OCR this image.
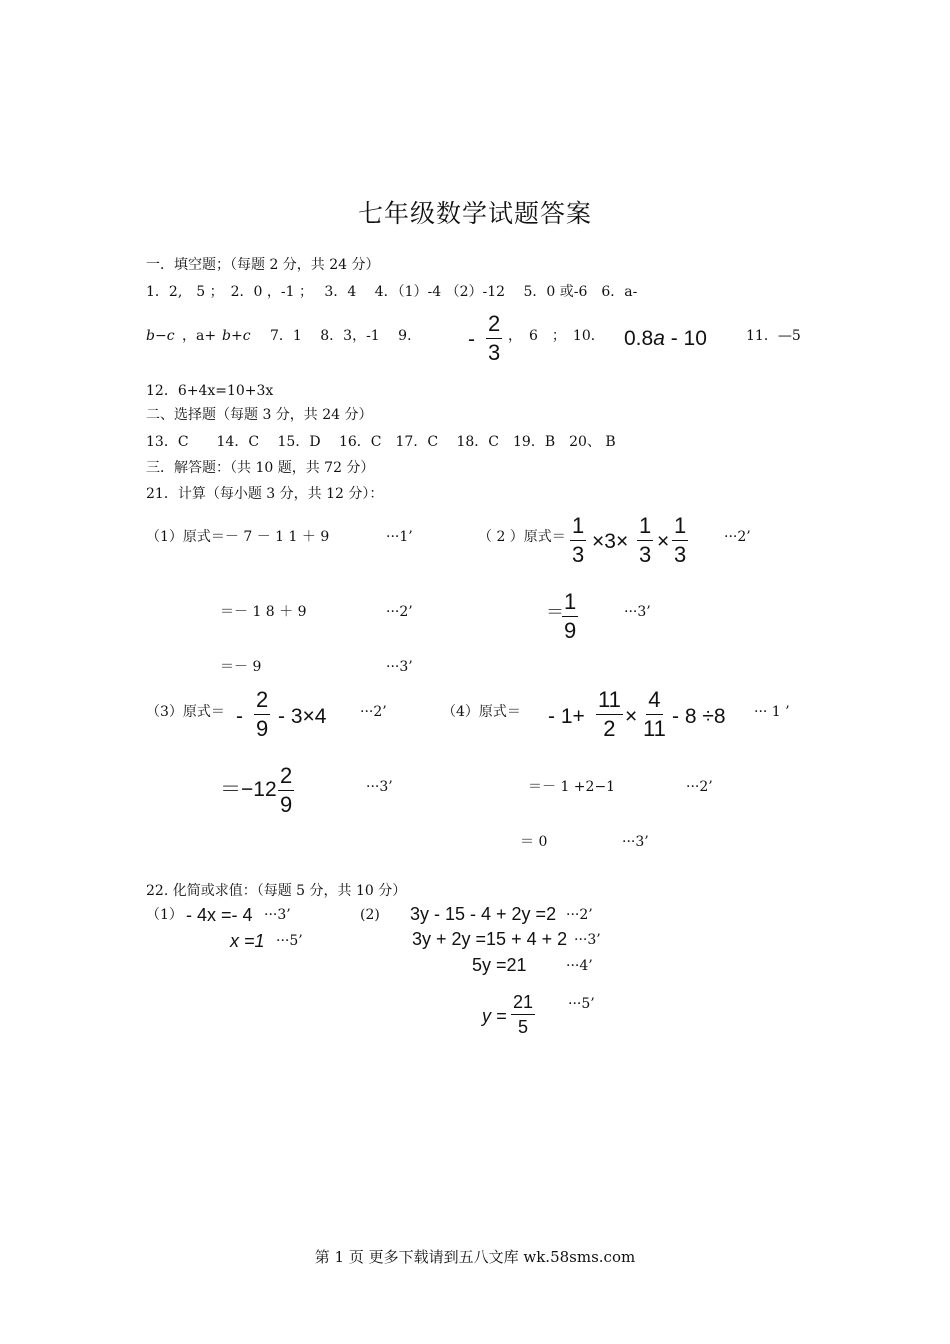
七年级数学试题答案
一．填空题；（每题 2 分，共 24 分）
1．2,　5 ；　2．0 ，-1 ；　 3．4　 4．（1）-4 （2）-12　 5．0 或-6　6．a-
b−c ，a+ b+c 7．1　 8．3，-1　 9． - $\frac{2}{3}$ ，　6　；　10． 0.8a - 10	11．—5
12．6+4x=10+3x
二、选择题（每题 3 分，共 24 分）
13．C　　14．C　 15．D　 16．C　17．C　 18．C　19．B　20、 B
三．解答题：（共 10 题，共 72 分）
21．计算（每小题 3 分，共 12 分）：
（1）原式＝－ 7 － 1 1 ＋ 9	···1’
＝－ 1 8 ＋ 9	···2’
＝－ 9	···3’
（ 2 ）原式＝ $\frac{1}{3} \times 3\times \frac{1}{3} \times \frac{1}{3}$	···2’
＝
$\frac{1}{9}$	···3’
（3）原式＝ - $\frac{2}{9} - 3\times 4 \cdot\cdot\cdot 2$’
$=-12 \frac{2}{9}$	···3’
（4）原式＝ - $1+ \frac{11}{2} \times \frac{4}{11} - 8 \div 8$ ··· 1 ’
＝－ 1 +2−1	···2’
＝ 0	···3’
22. 化简或求值：（每题 5 分，共 10 分）
（1） - 4x =- 4 ···3’
x =1 ···5’
(2) 3y - 15 - 4 + 2y =2 ···2’
3y + 2y =15 + 4 + 2 ···3’
5y =21	···4’
$y = \frac{21}{5} \cdot\cdot\cdot 5$’
第 1 页 更多下载请到五八文库 wk.58sms.com
